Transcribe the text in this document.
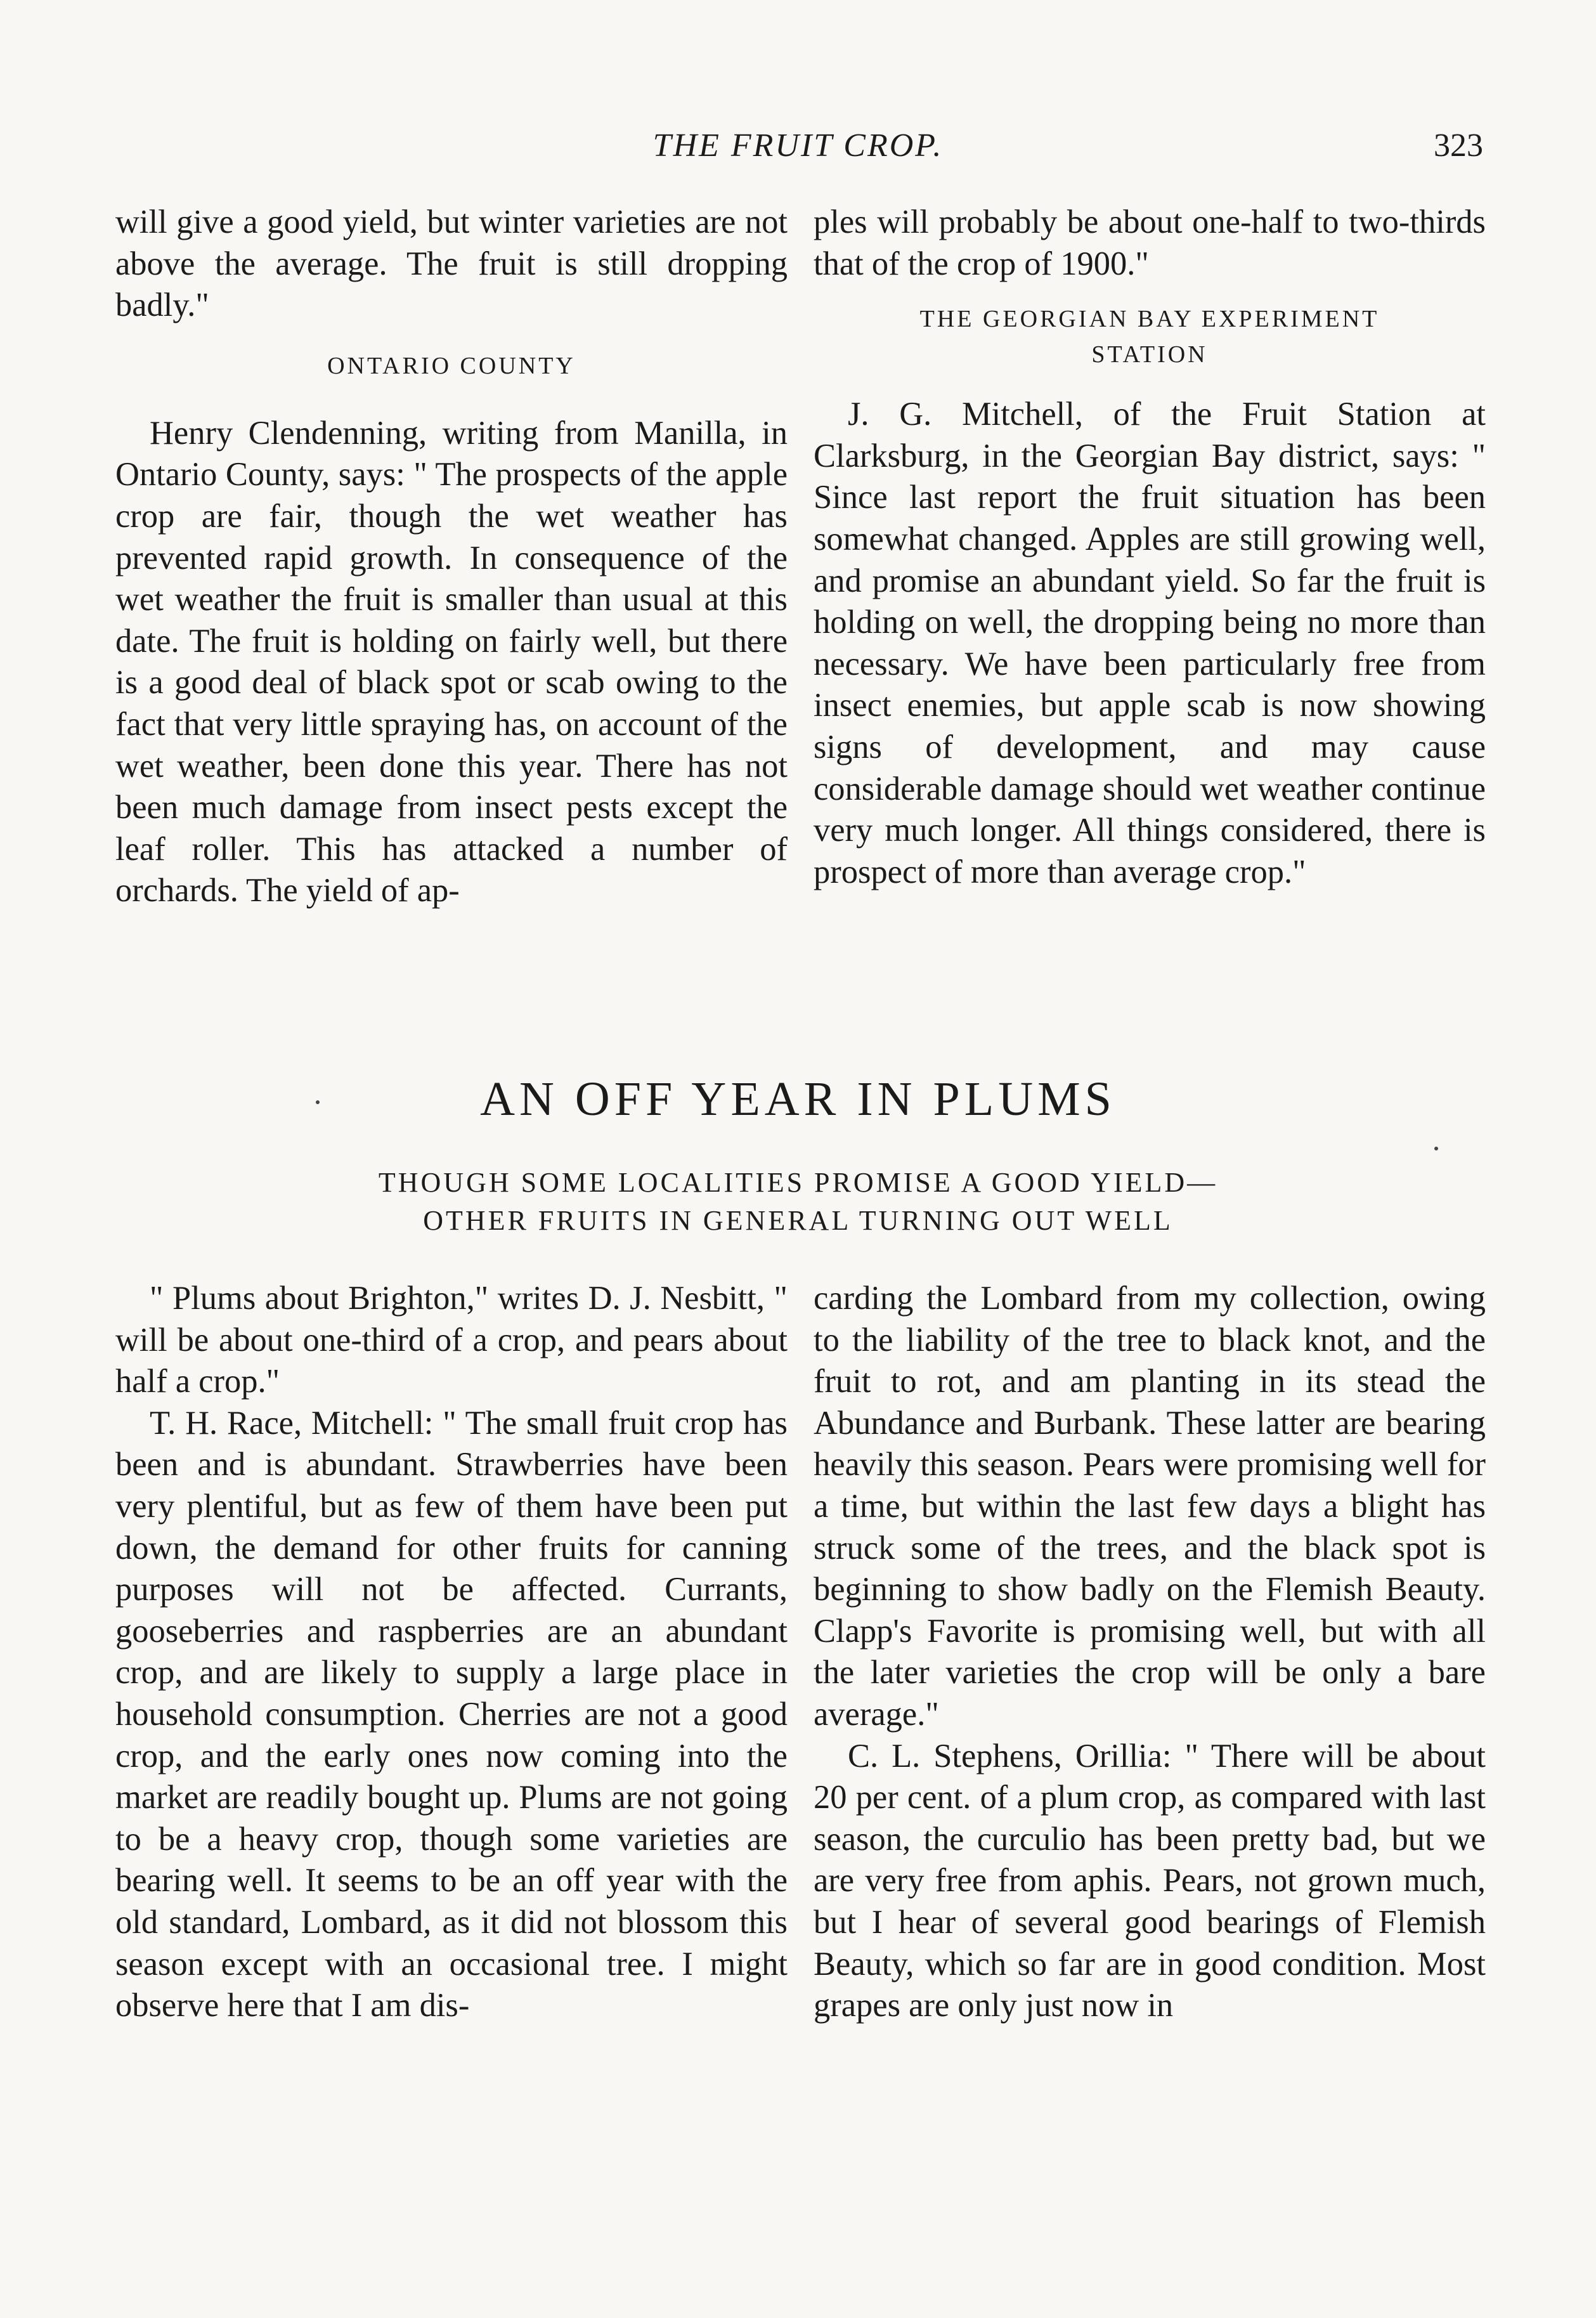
THE FRUIT CROP.	323

will give a good yield, but winter varieties are not above the average. The fruit is still dropping badly."

ONTARIO COUNTY

Henry Clendenning, writing from Manilla, in Ontario County, says: " The prospects of the apple crop are fair, though the wet weather has prevented rapid growth. In consequence of the wet weather the fruit is smaller than usual at this date. The fruit is holding on fairly well, but there is a good deal of black spot or scab owing to the fact that very little spraying has, on account of the wet weather, been done this year. There has not been much damage from insect pests except the leaf roller. This has attacked a number of orchards. The yield of ap-

ples will probably be about one-half to two-thirds that of the crop of 1900."

THE GEORGIAN BAY EXPERIMENT
STATION

J. G. Mitchell, of the Fruit Station at Clarksburg, in the Georgian Bay district, says: " Since last report the fruit situation has been somewhat changed. Apples are still growing well, and promise an abundant yield. So far the fruit is holding on well, the dropping being no more than necessary. We have been particularly free from insect enemies, but apple scab is now showing signs of development, and may cause considerable damage should wet weather continue very much longer. All things considered, there is prospect of more than average crop."

AN OFF YEAR IN PLUMS
THOUGH SOME LOCALITIES PROMISE A GOOD YIELD—
OTHER FRUITS IN GENERAL TURNING OUT WELL

" Plums about Brighton," writes D. J. Nesbitt, " will be about one-third of a crop, and pears about half a crop."

T. H. Race, Mitchell: " The small fruit crop has been and is abundant. Strawberries have been very plentiful, but as few of them have been put down, the demand for other fruits for canning purposes will not be affected. Currants, gooseberries and raspberries are an abundant crop, and are likely to supply a large place in household consumption. Cherries are not a good crop, and the early ones now coming into the market are readily bought up. Plums are not going to be a heavy crop, though some varieties are bearing well. It seems to be an off year with the old standard, Lombard, as it did not blossom this season except with an occasional tree. I might observe here that I am dis-

carding the Lombard from my collection, owing to the liability of the tree to black knot, and the fruit to rot, and am planting in its stead the Abundance and Burbank. These latter are bearing heavily this season. Pears were promising well for a time, but within the last few days a blight has struck some of the trees, and the black spot is beginning to show badly on the Flemish Beauty. Clapp's Favorite is promising well, but with all the later varieties the crop will be only a bare average."

C. L. Stephens, Orillia: " There will be about 20 per cent. of a plum crop, as compared with last season, the curculio has been pretty bad, but we are very free from aphis. Pears, not grown much, but I hear of several good bearings of Flemish Beauty, which so far are in good condition. Most grapes are only just now in
